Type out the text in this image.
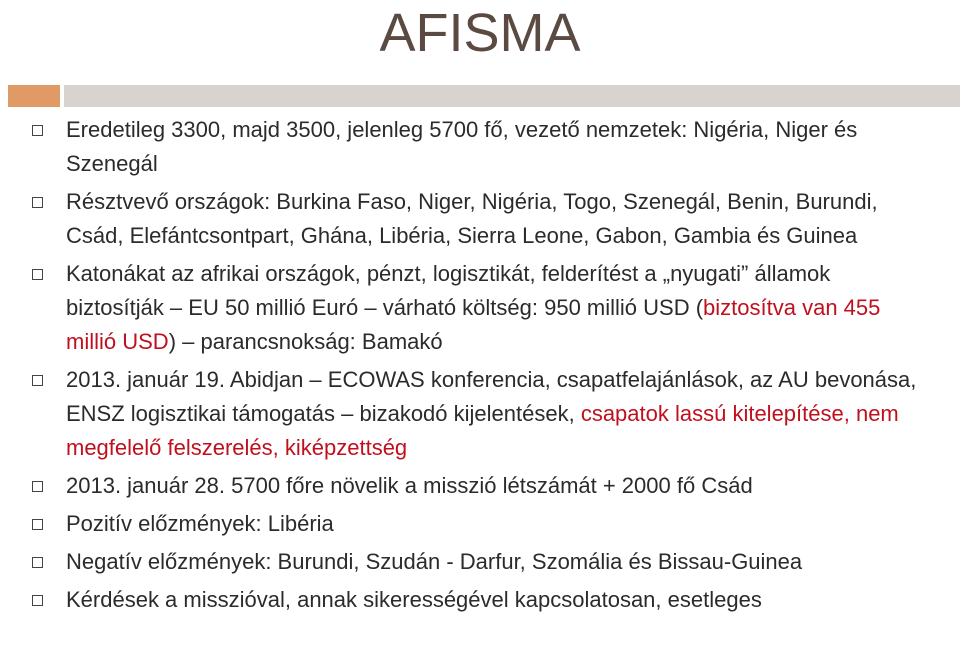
AFISMA
Eredetileg 3300, majd 3500, jelenleg 5700 fő, vezető nemzetek: Nigéria, Niger és Szenegál
Résztvevő országok: Burkina Faso, Niger, Nigéria, Togo, Szenegál, Benin, Burundi, Csád, Elefántcsontpart, Ghána, Libéria, Sierra Leone, Gabon, Gambia és Guinea
Katonákat az afrikai országok, pénzt, logisztikát, felderítést a „nyugati” államok biztosítják – EU 50 millió Euró – várható költség: 950 millió USD (biztosítva van 455 millió USD) – parancsnokság: Bamakó
2013. január 19. Abidjan – ECOWAS konferencia, csapatfelajánlások, az AU bevonása, ENSZ logisztikai támogatás – bizakodó kijelentések, csapatok lassú kitelepítése, nem megfelelő felszerelés, kiképzettség
2013. január 28. 5700 főre növelik a misszió létszámát + 2000 fő Csád
Pozitív előzmények: Libéria
Negatív előzmények: Burundi, Szudán - Darfur, Szomália és Bissau-Guinea
Kérdések a misszióval, annak sikerességével kapcsolatosan, esetleges
